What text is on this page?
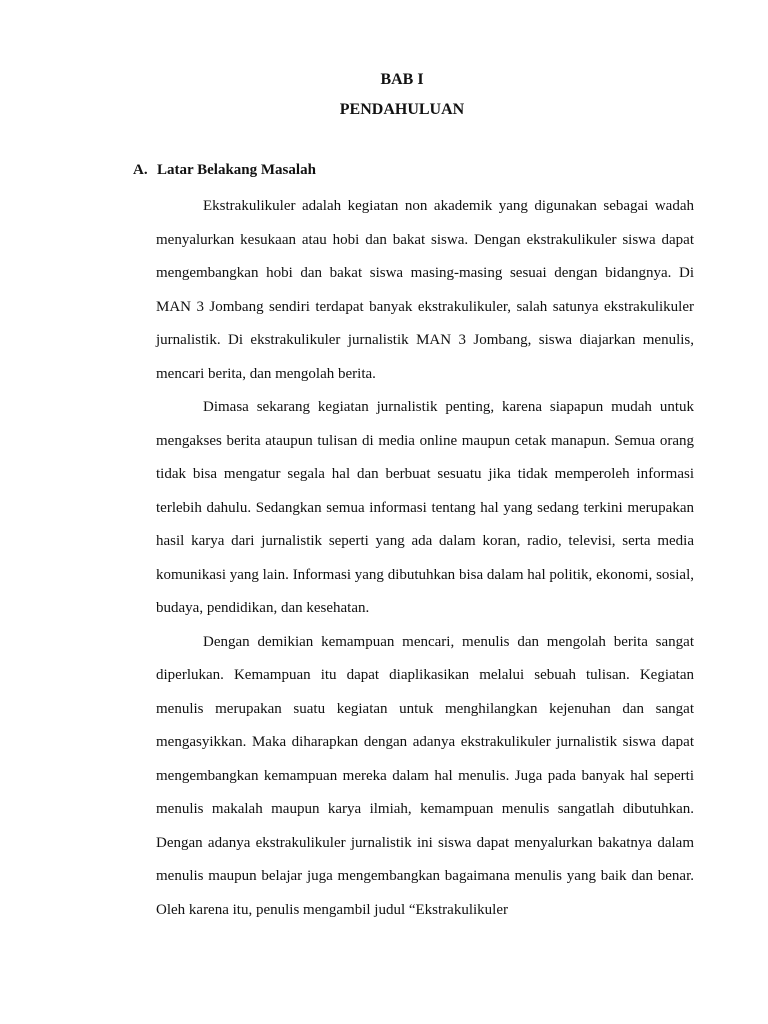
BAB I
PENDAHULUAN
A. Latar Belakang Masalah

Ekstrakulikuler adalah kegiatan non akademik yang digunakan sebagai wadah menyalurkan kesukaan atau hobi dan bakat siswa. Dengan ekstrakulikuler siswa dapat mengembangkan hobi dan bakat siswa masing-masing sesuai dengan bidangnya. Di MAN 3 Jombang sendiri terdapat banyak ekstrakulikuler, salah satunya ekstrakulikuler jurnalistik. Di ekstrakulikuler jurnalistik MAN 3 Jombang, siswa diajarkan menulis, mencari berita, dan mengolah berita.

Dimasa sekarang kegiatan jurnalistik penting, karena siapapun mudah untuk mengakses berita ataupun tulisan di media online maupun cetak manapun. Semua orang tidak bisa mengatur segala hal dan berbuat sesuatu jika tidak memperoleh informasi terlebih dahulu. Sedangkan semua informasi tentang hal yang sedang terkini merupakan hasil karya dari jurnalistik seperti yang ada dalam koran, radio, televisi, serta media komunikasi yang lain. Informasi yang dibutuhkan bisa dalam hal politik, ekonomi, sosial, budaya, pendidikan, dan kesehatan.

Dengan demikian kemampuan mencari, menulis dan mengolah berita sangat diperlukan. Kemampuan itu dapat diaplikasikan melalui sebuah tulisan. Kegiatan menulis merupakan suatu kegiatan untuk menghilangkan kejenuhan dan sangat mengasyikkan. Maka diharapkan dengan adanya ekstrakulikuler jurnalistik siswa dapat mengembangkan kemampuan mereka dalam hal menulis. Juga pada banyak hal seperti menulis makalah maupun karya ilmiah, kemampuan menulis sangatlah dibutuhkan. Dengan adanya ekstrakulikuler jurnalistik ini siswa dapat menyalurkan bakatnya dalam menulis maupun belajar juga mengembangkan bagaimana menulis yang baik dan benar. Oleh karena itu, penulis mengambil judul “Ekstrakulikuler
